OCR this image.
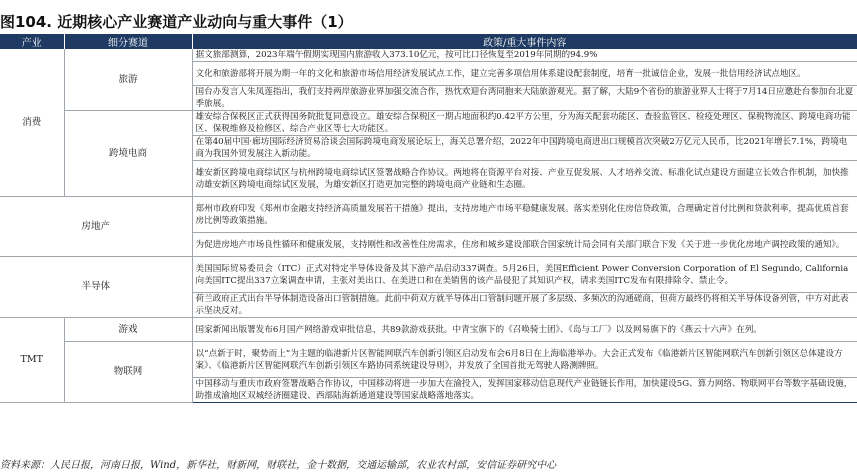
图104. 近期核心产业赛道产业动向与重大事件（1）
产业	细分赛道	政策/重大事件内容
消费	旅游	据文旅部测算，2023年端午假期实现国内旅游收入373.10亿元，按可比口径恢复至2019年同期的94.9%
		文化和旅游部将开展为期一年的文化和旅游市场信用经济发展试点工作，建立完善多项信用体系建设配套制度，培育一批诚信企业，发展一批信用经济试点地区。
		国台办发言人朱凤莲指出，我们支持两岸旅游业界加强交流合作，热忱欢迎台湾同胞来大陆旅游观光。据了解，大陆9个省份的旅游业界人士将于7月14日应邀赴台参加台北夏季旅展。
	跨境电商	雄安综合保税区正式获得国务院批复同意设立。雄安综合保税区一期占地面积约0.42平方公里，分为海关配套功能区、查验监管区、检疫处理区、保税物流区、跨境电商功能区、保税维修及检修区、综合产业区等七大功能区。
		在第40届中国·廊坊国际经济贸易洽谈会国际跨境电商发展论坛上，海关总署介绍，2022年中国跨境电商进出口规模首次突破2万亿元人民币，比2021年增长7.1%，跨境电商为我国外贸发展注入新动能。
		雄安新区跨境电商综试区与杭州跨境电商综试区签署战略合作协议。两地将在资源平台对接、产业互促发展、人才培养交流、标准化试点建设方面建立长效合作机制，加快推动雄安新区跨境电商综试区发展，为雄安新区打造更加完整的跨境电商产业链和生态圈。
房地产		郑州市政府印发《郑州市金融支持经济高质量发展若干措施》提出，支持房地产市场平稳健康发展。落实差别化住房信贷政策，合理确定首付比例和贷款利率，提高优质首套房比例等政策措施。
		为促进房地产市场良性循环和健康发展，支持刚性和改善性住房需求，住房和城乡建设部联合国家统计局会同有关部门联合下发《关于进一步优化房地产调控政策的通知》。
半导体		美国国际贸易委员会（ITC）正式对特定半导体设备及其下游产品启动337调查。5月26日，美国Efficient Power Conversion Corporation of El Segundo, California向美国ITC提出337立案调查申请，主张对美出口、在美进口和在美销售的该产品侵犯了其知识产权，请求美国ITC发布有限排除令、禁止令。
		荷兰政府正式出台半导体制造设备出口管制措施。此前中荷双方就半导体出口管制问题开展了多层级、多频次的沟通磋商，但荷方最终仍将相关半导体设备列管，中方对此表示坚决反对。
TMT	游戏	国家新闻出版署发布6月国产网络游戏审批信息，共89款游戏获批。中青宝旗下的《召唤骑士团》、《岛与工厂》以及网易旗下的《燕云十六声》在列。
	物联网	以“点新于时，聚势而上”为主题的临港新片区智能网联汽车创新引领区启动发布会6月8日在上海临港举办。大会正式发布《临港新片区智能网联汽车创新引领区总体建设方案》、《临港新片区智能网联汽车创新引领区车路协同系统建设导则》，并发放了全国首批无驾驶人路测牌照。
		中国移动与重庆市政府签署战略合作协议，中国移动将进一步加大在渝投入，发挥国家移动信息现代产业链链长作用，加快建设5G、算力网络、物联网平台等数字基础设施，助推成渝地区双城经济圈建设、西部陆海新通道建设等国家战略落地落实。
资料来源：人民日报，河南日报，Wind，新华社，财新网，财联社，金十数据，交通运输部，农业农村部，安信证券研究中心
